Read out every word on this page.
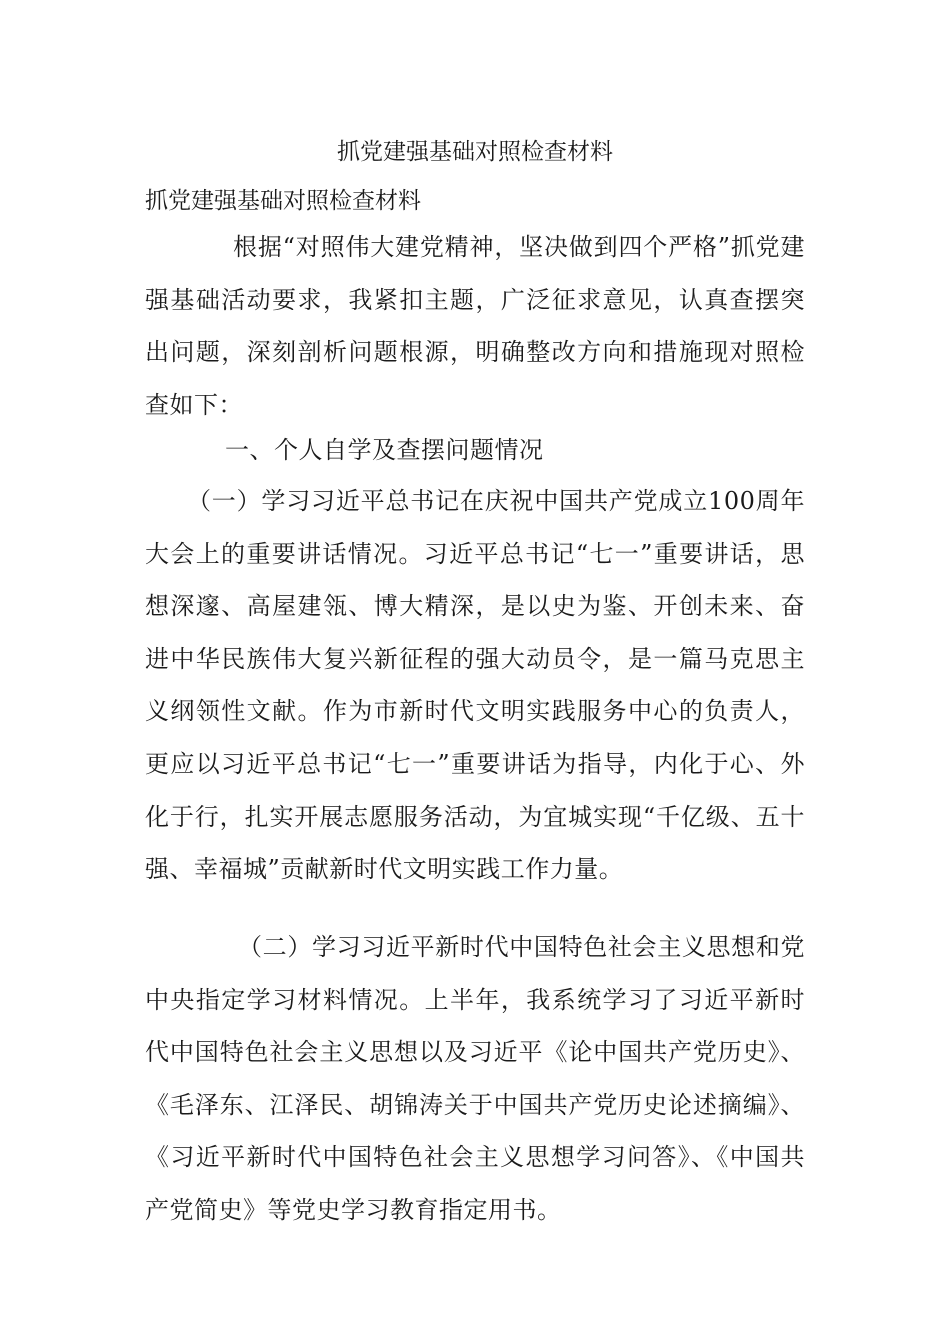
抓党建强基础对照检查材料
抓党建强基础对照检查材料

根据“对照伟大建党精神，坚决做到四个严格”抓党建强基础活动要求，我紧扣主题，广泛征求意见，认真查摆突出问题，深刻剖析问题根源，明确整改方向和措施现对照检查如下：

一、个人自学及查摆问题情况

（一）学习习近平总书记在庆祝中国共产党成立100周年大会上的重要讲话情况。习近平总书记“七一”重要讲话，思想深邃、高屋建瓴、博大精深，是以史为鉴、开创未来、奋进中华民族伟大复兴新征程的强大动员令，是一篇马克思主义纲领性文献。作为市新时代文明实践服务中心的负责人，更应以习近平总书记“七一”重要讲话为指导，内化于心、外化于行，扎实开展志愿服务活动，为宜城实现“千亿级、五十强、幸福城”贡献新时代文明实践工作力量。

（二）学习习近平新时代中国特色社会主义思想和党中央指定学习材料情况。上半年，我系统学习了习近平新时代中国特色社会主义思想以及习近平《论中国共产党历史》、《毛泽东、江泽民、胡锦涛关于中国共产党历史论述摘编》、《习近平新时代中国特色社会主义思想学习问答》、《中国共产党简史》等党史学习教育指定用书。
